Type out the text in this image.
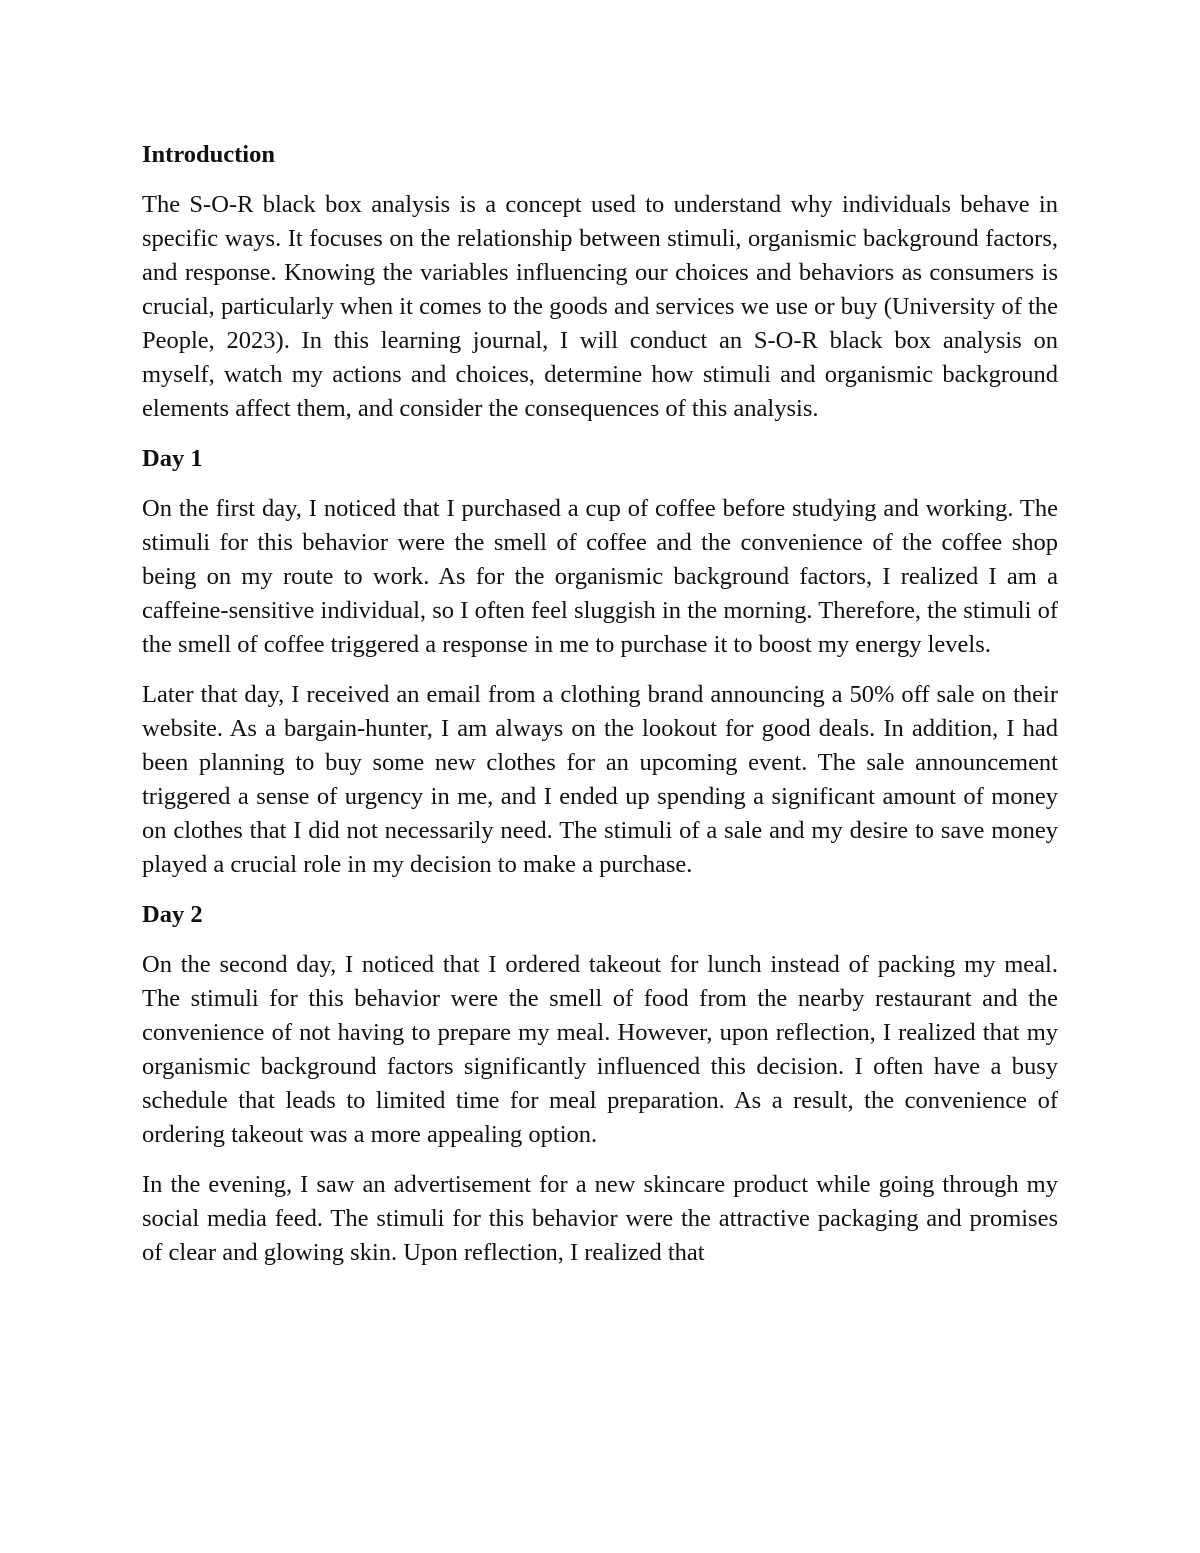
Introduction
The S-O-R black box analysis is a concept used to understand why individuals behave in specific ways. It focuses on the relationship between stimuli, organismic background factors, and response. Knowing the variables influencing our choices and behaviors as consumers is crucial, particularly when it comes to the goods and services we use or buy (University of the People, 2023). In this learning journal, I will conduct an S-O-R black box analysis on myself, watch my actions and choices, determine how stimuli and organismic background elements affect them, and consider the consequences of this analysis.
Day 1
On the first day, I noticed that I purchased a cup of coffee before studying and working. The stimuli for this behavior were the smell of coffee and the convenience of the coffee shop being on my route to work. As for the organismic background factors, I realized I am a caffeine-sensitive individual, so I often feel sluggish in the morning. Therefore, the stimuli of the smell of coffee triggered a response in me to purchase it to boost my energy levels.
Later that day, I received an email from a clothing brand announcing a 50% off sale on their website. As a bargain-hunter, I am always on the lookout for good deals. In addition, I had been planning to buy some new clothes for an upcoming event. The sale announcement triggered a sense of urgency in me, and I ended up spending a significant amount of money on clothes that I did not necessarily need. The stimuli of a sale and my desire to save money played a crucial role in my decision to make a purchase.
Day 2
On the second day, I noticed that I ordered takeout for lunch instead of packing my meal. The stimuli for this behavior were the smell of food from the nearby restaurant and the convenience of not having to prepare my meal. However, upon reflection, I realized that my organismic background factors significantly influenced this decision. I often have a busy schedule that leads to limited time for meal preparation. As a result, the convenience of ordering takeout was a more appealing option.
In the evening, I saw an advertisement for a new skincare product while going through my social media feed. The stimuli for this behavior were the attractive packaging and promises of clear and glowing skin. Upon reflection, I realized that
